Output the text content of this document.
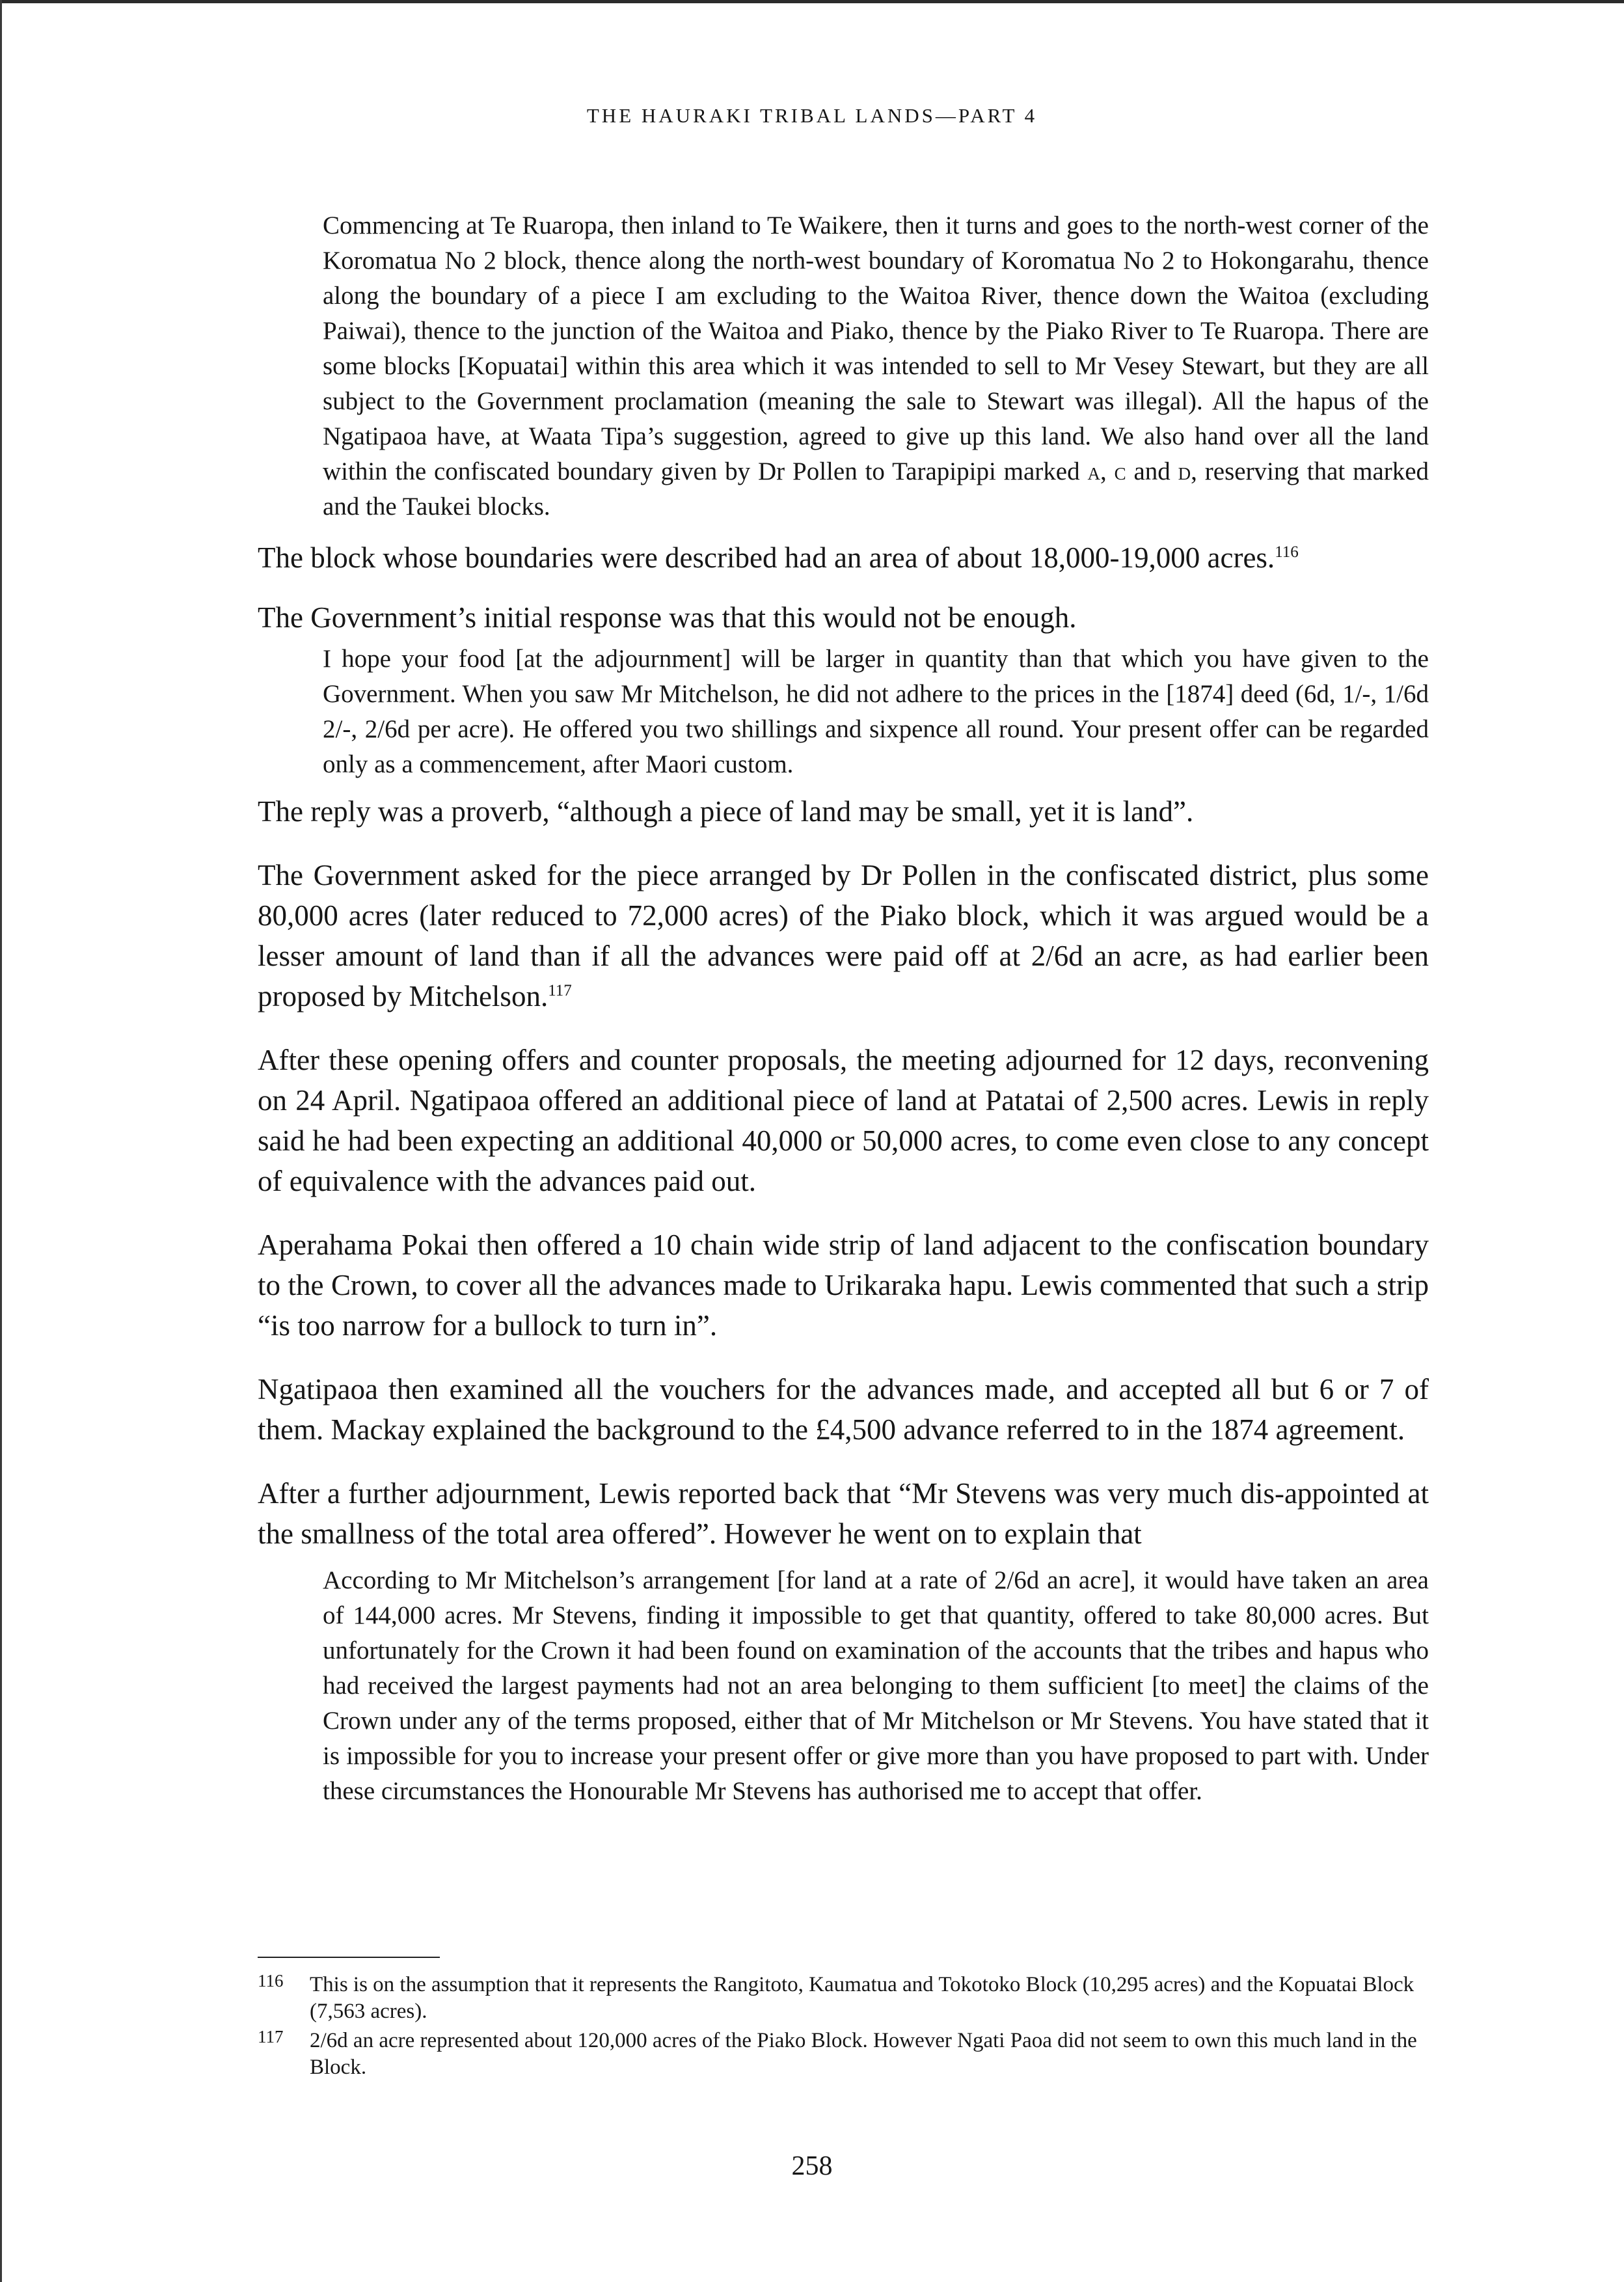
THE HAURAKI TRIBAL LANDS—PART 4
Commencing at Te Ruaropa, then inland to Te Waikere, then it turns and goes to the north-west corner of the Koromatua No 2 block, thence along the north-west boundary of Koromatua No 2 to Hokongarahu, thence along the boundary of a piece I am excluding to the Waitoa River, thence down the Waitoa (excluding Paiwai), thence to the junction of the Waitoa and Piako, thence by the Piako River to Te Ruaropa. There are some blocks [Kopuatai] within this area which it was intended to sell to Mr Vesey Stewart, but they are all subject to the Government proclamation (meaning the sale to Stewart was illegal). All the hapus of the Ngatipaoa have, at Waata Tipa’s suggestion, agreed to give up this land. We also hand over all the land within the confiscated boundary given by Dr Pollen to Tarapipipi marked a, c and d, reserving that marked and the Taukei blocks.
The block whose boundaries were described had an area of about 18,000-19,000 acres.$^{116}$
The Government’s initial response was that this would not be enough.
I hope your food [at the adjournment] will be larger in quantity than that which you have given to the Government. When you saw Mr Mitchelson, he did not adhere to the prices in the [1874] deed (6d, 1/-, 1/6d 2/-, 2/6d per acre). He offered you two shillings and sixpence all round. Your present offer can be regarded only as a commencement, after Maori custom.
The reply was a proverb, “although a piece of land may be small, yet it is land”.
The Government asked for the piece arranged by Dr Pollen in the confiscated district, plus some 80,000 acres (later reduced to 72,000 acres) of the Piako block, which it was argued would be a lesser amount of land than if all the advances were paid off at 2/6d an acre, as had earlier been proposed by Mitchelson.$^{117}$
After these opening offers and counter proposals, the meeting adjourned for 12 days, reconvening on 24 April. Ngatipaoa offered an additional piece of land at Patatai of 2,500 acres. Lewis in reply said he had been expecting an additional 40,000 or 50,000 acres, to come even close to any concept of equivalence with the advances paid out.
Aperahama Pokai then offered a 10 chain wide strip of land adjacent to the confiscation boundary to the Crown, to cover all the advances made to Urikaraka hapu. Lewis commented that such a strip “is too narrow for a bullock to turn in”.
Ngatipaoa then examined all the vouchers for the advances made, and accepted all but 6 or 7 of them. Mackay explained the background to the £4,500 advance referred to in the 1874 agreement.
After a further adjournment, Lewis reported back that “Mr Stevens was very much dis-appointed at the smallness of the total area offered”. However he went on to explain that
According to Mr Mitchelson’s arrangement [for land at a rate of 2/6d an acre], it would have taken an area of 144,000 acres. Mr Stevens, finding it impossible to get that quantity, offered to take 80,000 acres. But unfortunately for the Crown it had been found on examination of the accounts that the tribes and hapus who had received the largest payments had not an area belonging to them sufficient [to meet] the claims of the Crown under any of the terms proposed, either that of Mr Mitchelson or Mr Stevens. You have stated that it is impossible for you to increase your present offer or give more than you have proposed to part with. Under these circumstances the Honourable Mr Stevens has authorised me to accept that offer.
116 This is on the assumption that it represents the Rangitoto, Kaumatua and Tokotoko Block (10,295 acres) and the Kopuatai Block (7,563 acres).
117 2/6d an acre represented about 120,000 acres of the Piako Block. However Ngati Paoa did not seem to own this much land in the Block.
258
